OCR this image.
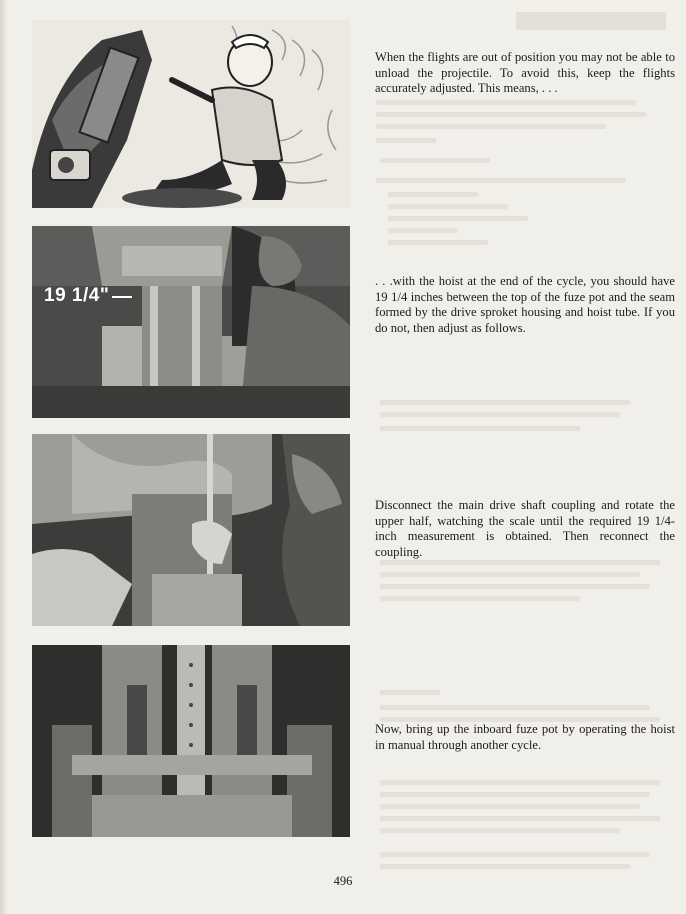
19 1/4"
When the flights are out of position you may not be able to unload the projectile. To avoid this, keep the flights accurately adjusted. This means, . . .
. . .with the hoist at the end of the cycle, you should have 19 1/4 inches between the top of the fuze pot and the seam formed by the drive sproket housing and hoist tube. If you do not, then adjust as follows.
Disconnect the main drive shaft coupling and rotate the upper half, watching the scale until the required 19 1/4-inch measurement is obtained. Then reconnect the coupling.
Now, bring up the inboard fuze pot by operating the hoist in manual through another cycle.
496
